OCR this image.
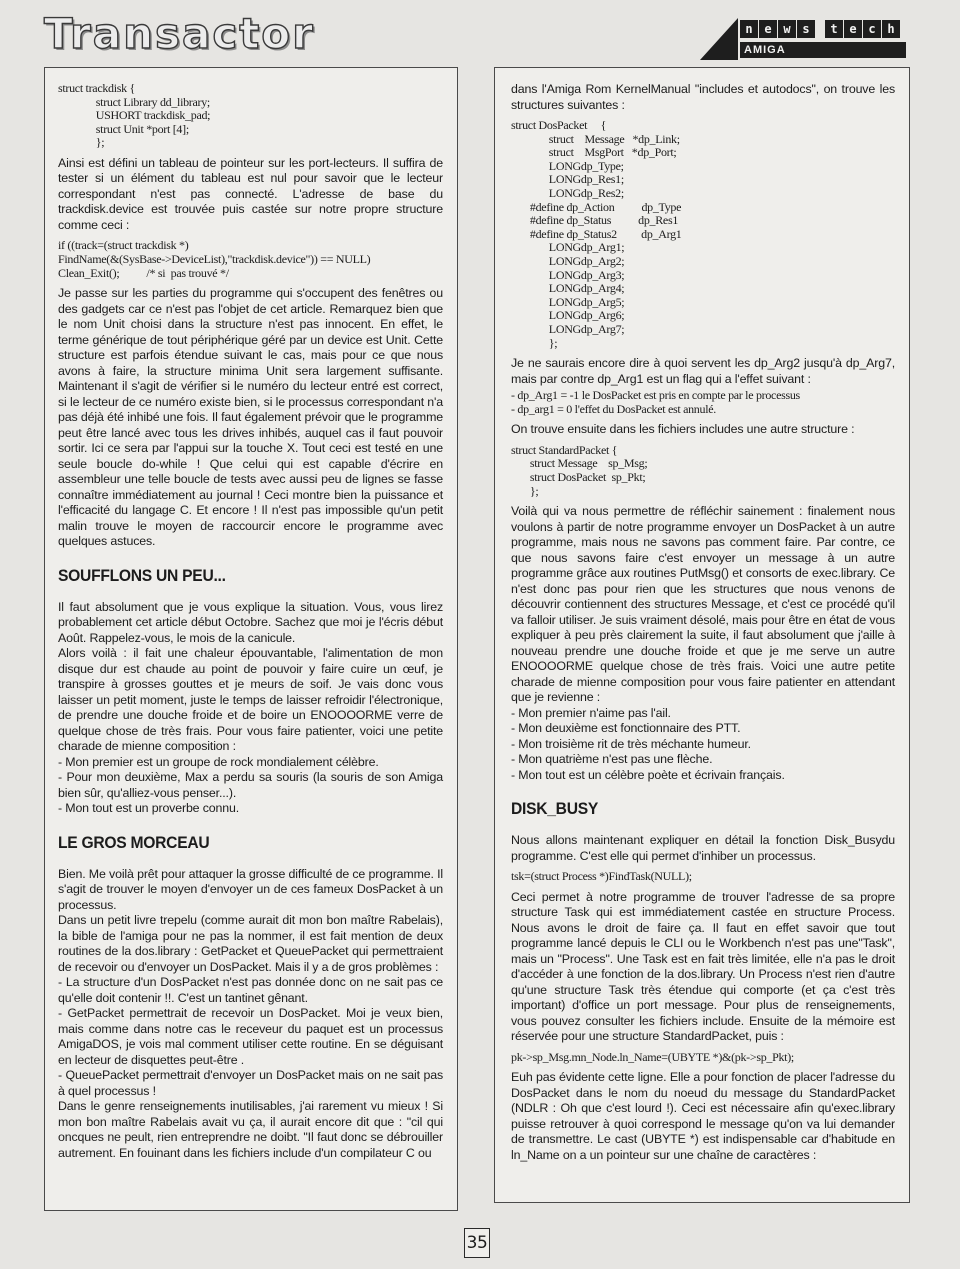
Transactor	n e w s	t e c h
AMIGA
struct trackdisk {
struct Library dd_library;
USHORT trackdisk_pad;
struct Unit *port [4];
};

Ainsi est défini un tableau de pointeur sur les port-lecteurs. Il suffira de tester si un élément du tableau est nul pour savoir que le lecteur correspondant n'est pas connecté. L'adresse de base du trackdisk.device est trouvée puis castée sur notre propre structure comme ceci :

if ((track=(struct trackdisk *)
FindName(&(SysBase->DeviceList),"trackdisk.device")) == NULL)
Clean_Exit();          /* si  pas trouvé */

Je passe sur les parties du programme qui s'occupent des fenêtres ou des gadgets car ce n'est pas l'objet de cet article. Remarquez bien que le nom Unit choisi dans la structure n'est pas innocent. En effet, le terme générique de tout périphérique géré par un device est Unit. Cette structure est parfois étendue suivant le cas, mais pour ce que nous avons à faire, la structure minima Unit sera largement suffisante. Maintenant il s'agit de vérifier si le numéro du lecteur entré est correct, si le lecteur de ce numéro existe bien, si le processus correspondant n'a pas déjà été inhibé une fois. Il faut également prévoir que le programme peut être lancé avec tous les drives inhibés, auquel cas il faut pouvoir sortir. Ici ce sera par l'appui sur la touche X. Tout ceci est testé en une seule boucle do-while ! Que celui qui est capable d'écrire en assembleur une telle boucle de tests avec aussi peu de lignes se fasse connaître immédiatement au journal ! Ceci montre bien la puissance et l'efficacité du langage C. Et encore ! Il n'est pas impossible qu'un petit malin trouve le moyen de raccourcir encore le programme avec quelques astuces.

SOUFFLONS UN PEU...

Il faut absolument que je vous explique la situation. Vous, vous lirez probablement cet article début Octobre. Sachez que moi je l'écris début Août. Rappelez-vous, le mois de la canicule.

Alors voilà : il fait une chaleur épouvantable, l'alimentation de mon disque dur est chaude au point de pouvoir y faire cuire un œuf, je transpire à grosses gouttes et je meurs de soif. Je vais donc vous laisser un petit moment, juste le temps de laisser refroidir l'électronique, de prendre une douche froide et de boire un ENOOOORME verre de quelque chose de très frais. Pour vous faire patienter, voici une petite charade de mienne composition :

- Mon premier est un groupe de rock mondialement célèbre.

- Pour mon deuxième, Max a perdu sa souris (la souris de son Amiga bien sûr, qu'alliez-vous penser...).

- Mon tout est un proverbe connu.

LE GROS MORCEAU

Bien. Me voilà prêt pour attaquer la grosse difficulté de ce programme. Il s'agit de trouver le moyen d'envoyer un de ces fameux DosPacket à un processus.

Dans un petit livre trepelu (comme aurait dit mon bon maître Rabelais), la bible de l'amiga pour ne pas la nommer, il est fait mention de deux routines de la dos.library : GetPacket et QueuePacket qui permettraient de recevoir ou d'envoyer un DosPacket. Mais il y a de gros problèmes :

- La structure d'un DosPacket n'est pas donnée donc on ne sait pas ce qu'elle doit contenir !!. C'est un tantinet gênant.

- GetPacket permettrait de recevoir un DosPacket. Moi je veux bien, mais comme dans notre cas le receveur du paquet est un processus AmigaDOS, je vois mal comment utiliser cette routine. En se déguisant en lecteur de disquettes peut-être .

- QueuePacket permettrait d'envoyer un DosPacket mais on ne sait pas à quel processus !

Dans le genre renseignements inutilisables, j'ai rarement vu mieux ! Si mon bon maître Rabelais avait vu ça, il aurait encore dit que : "cil qui oncques ne peult, rien entreprendre ne doibt. "Il faut donc se débrouiller autrement. En fouinant dans les fichiers include d'un compilateur C ou

dans l'Amiga Rom KernelManual "includes et autodocs", on trouve les structures suivantes :

struct DosPacket     {
struct    Message   *dp_Link;
struct    MsgPort   *dp_Port;
LONGdp_Type;
LONGdp_Res1;
LONGdp_Res2;
#define dp_Action          dp_Type
#define dp_Status          dp_Res1
#define dp_Status2         dp_Arg1
LONGdp_Arg1;
LONGdp_Arg2;
LONGdp_Arg3;
LONGdp_Arg4;
LONGdp_Arg5;
LONGdp_Arg6;
LONGdp_Arg7;
};

Je ne saurais encore dire à quoi servent les dp_Arg2 jusqu'à dp_Arg7, mais par contre dp_Arg1 est un flag qui a l'effet suivant :

- dp_Arg1 = -1 le DosPacket est pris en compte par le processus
- dp_arg1 = 0 l'effet du DosPacket est annulé.

On trouve ensuite dans les fichiers includes une autre structure :

struct StandardPacket {
struct Message    sp_Msg;
struct DosPacket  sp_Pkt;
};

Voilà qui va nous permettre de réfléchir sainement : finalement nous voulons à partir de notre programme envoyer un DosPacket à un autre programme, mais nous ne savons pas comment faire. Par contre, ce que nous savons faire c'est envoyer un message à un autre programme grâce aux routines PutMsg() et consorts de exec.library. Ce n'est donc pas pour rien que les structures que nous venons de découvrir contiennent des structures Message, et c'est ce procédé qu'il va falloir utiliser. Je suis vraiment désolé, mais pour être en état de vous expliquer à peu près clairement la suite, il faut absolument que j'aille à nouveau prendre une douche froide et que je me serve un autre ENOOOORME quelque chose de très frais. Voici une autre petite charade de mienne composition pour vous faire patienter en attendant que je revienne :

- Mon premier n'aime pas l'ail.

- Mon deuxième est fonctionnaire des PTT.

- Mon troisième rit de très méchante humeur.

- Mon quatrième n'est pas une flèche.

- Mon tout est un célèbre poète et écrivain français.

DISK_BUSY

Nous allons maintenant expliquer en détail la fonction Disk_Busydu programme. C'est elle qui permet d'inhiber un processus.

tsk=(struct Process *)FindTask(NULL);

Ceci permet à notre programme de trouver l'adresse de sa propre structure Task qui est immédiatement castée en structure Process. Nous avons le droit de faire ça. Il faut en effet savoir que tout programme lancé depuis le CLI ou le Workbench n'est pas une"Task", mais un "Process". Une Task est en fait très limitée, elle n'a pas le droit d'accéder à une fonction de la dos.library. Un Process n'est rien d'autre qu'une structure Task très étendue qui comporte (et ça c'est très important) d'office un port message. Pour plus de renseignements, vous pouvez consulter les fichiers include. Ensuite de la mémoire est réservée pour une structure StandardPacket, puis :

pk->sp_Msg.mn_Node.ln_Name=(UBYTE *)&(pk->sp_Pkt);

Euh pas évidente cette ligne. Elle a pour fonction de placer l'adresse du DosPacket dans le nom du noeud du message du StandardPacket (NDLR : Oh que c'est lourd !). Ceci est nécessaire afin qu'exec.library puisse retrouver à quoi correspond le message qu'on va lui demander de transmettre. Le cast (UBYTE *) est indispensable car d'habitude en ln_Name on a un pointeur sur une chaîne de caractères :

35
